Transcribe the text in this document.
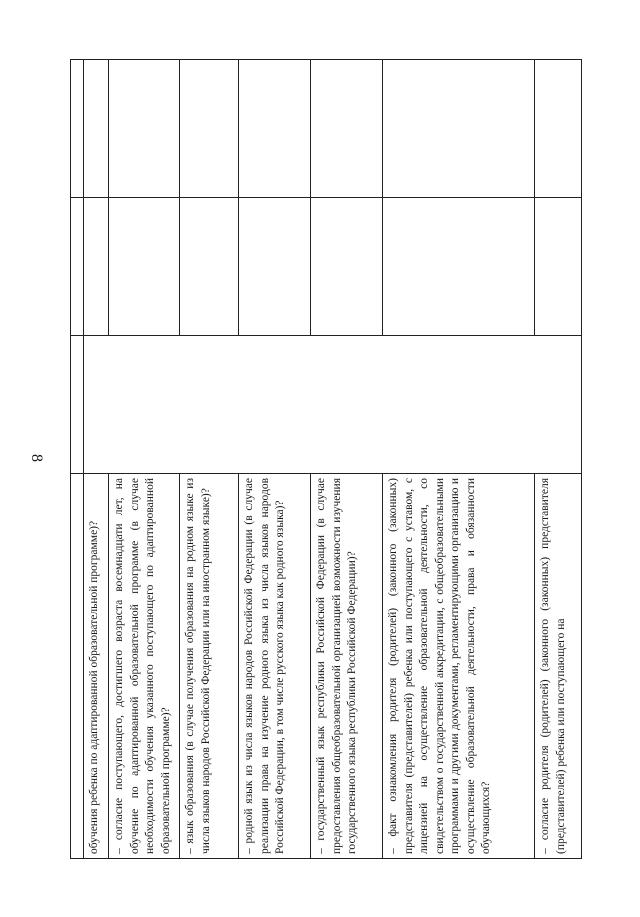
8

обучения ребенка по адаптированной образовательной программе)?			
– согласие поступающего, достигшего возраста восемнадцати лет, на обучение по адаптированной образовательной программе (в случае необходимости обучения указанного поступающего по адаптированной образовательной программе)?			
– язык образования (в случае получения образования на родном языке из числа языков народов Российской Федерации или на иностранном языке)?			
– родной язык из числа языков народов Российской Федерации (в случае реализации права на изучение родного языка из числа языков народов Российской Федерации, в том числе русского языка как родного языка)?			
– государственный язык республики Российской Федерации (в случае предоставления общеобразовательной организацией возможности изучения государственного языка республики Российской Федерации)?			
– факт ознакомления родителя (родителей) (законного (законных) представителя (представителей) ребенка или поступающего с уставом, с лицензией на осуществление образовательной деятельности, со свидетельством о государственной аккредитации, с общеобразовательными программами и другими документами, регламентирующими организацию и осуществление образовательной деятельности, права и обязанности обучающихся?			
– согласие родителя (родителей) (законного (законных) представителя (представителей) ребенка или поступающего на			
